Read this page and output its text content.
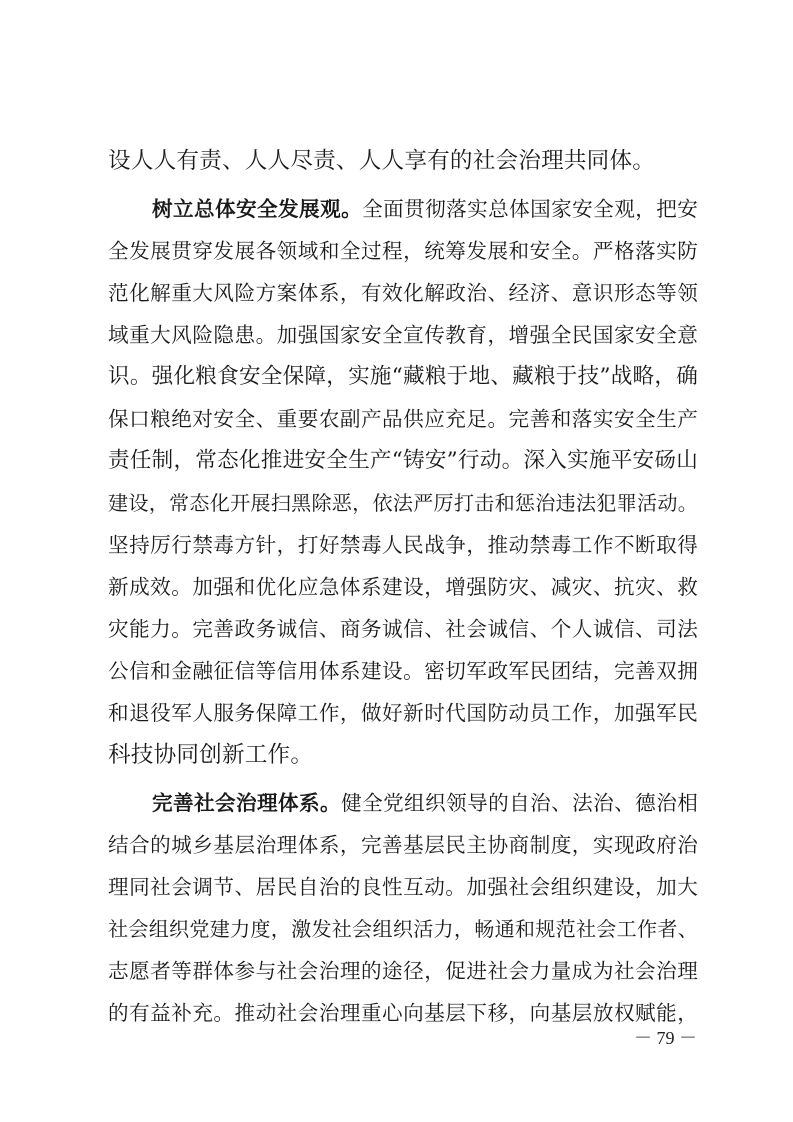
设人人有责、人人尽责、人人享有的社会治理共同体。
树立总体安全发展观。全面贯彻落实总体国家安全观，把安
全发展贯穿发展各领域和全过程，统筹发展和安全。严格落实防
范化解重大风险方案体系，有效化解政治、经济、意识形态等领
域重大风险隐患。加强国家安全宣传教育，增强全民国家安全意
识。强化粮食安全保障，实施“藏粮于地、藏粮于技”战略，确
保口粮绝对安全、重要农副产品供应充足。完善和落实安全生产
责任制，常态化推进安全生产“铸安”行动。深入实施平安砀山
建设，常态化开展扫黑除恶，依法严厉打击和惩治违法犯罪活动。
坚持厉行禁毒方针，打好禁毒人民战争，推动禁毒工作不断取得
新成效。加强和优化应急体系建设，增强防灾、减灾、抗灾、救
灾能力。完善政务诚信、商务诚信、社会诚信、个人诚信、司法
公信和金融征信等信用体系建设。密切军政军民团结，完善双拥
和退役军人服务保障工作，做好新时代国防动员工作，加强军民
科技协同创新工作。
完善社会治理体系。健全党组织领导的自治、法治、德治相
结合的城乡基层治理体系，完善基层民主协商制度，实现政府治
理同社会调节、居民自治的良性互动。加强社会组织建设，加大
社会组织党建力度，激发社会组织活力，畅通和规范社会工作者、
志愿者等群体参与社会治理的途径，促进社会力量成为社会治理
的有益补充。推动社会治理重心向基层下移，向基层放权赋能，
－ 79 －
